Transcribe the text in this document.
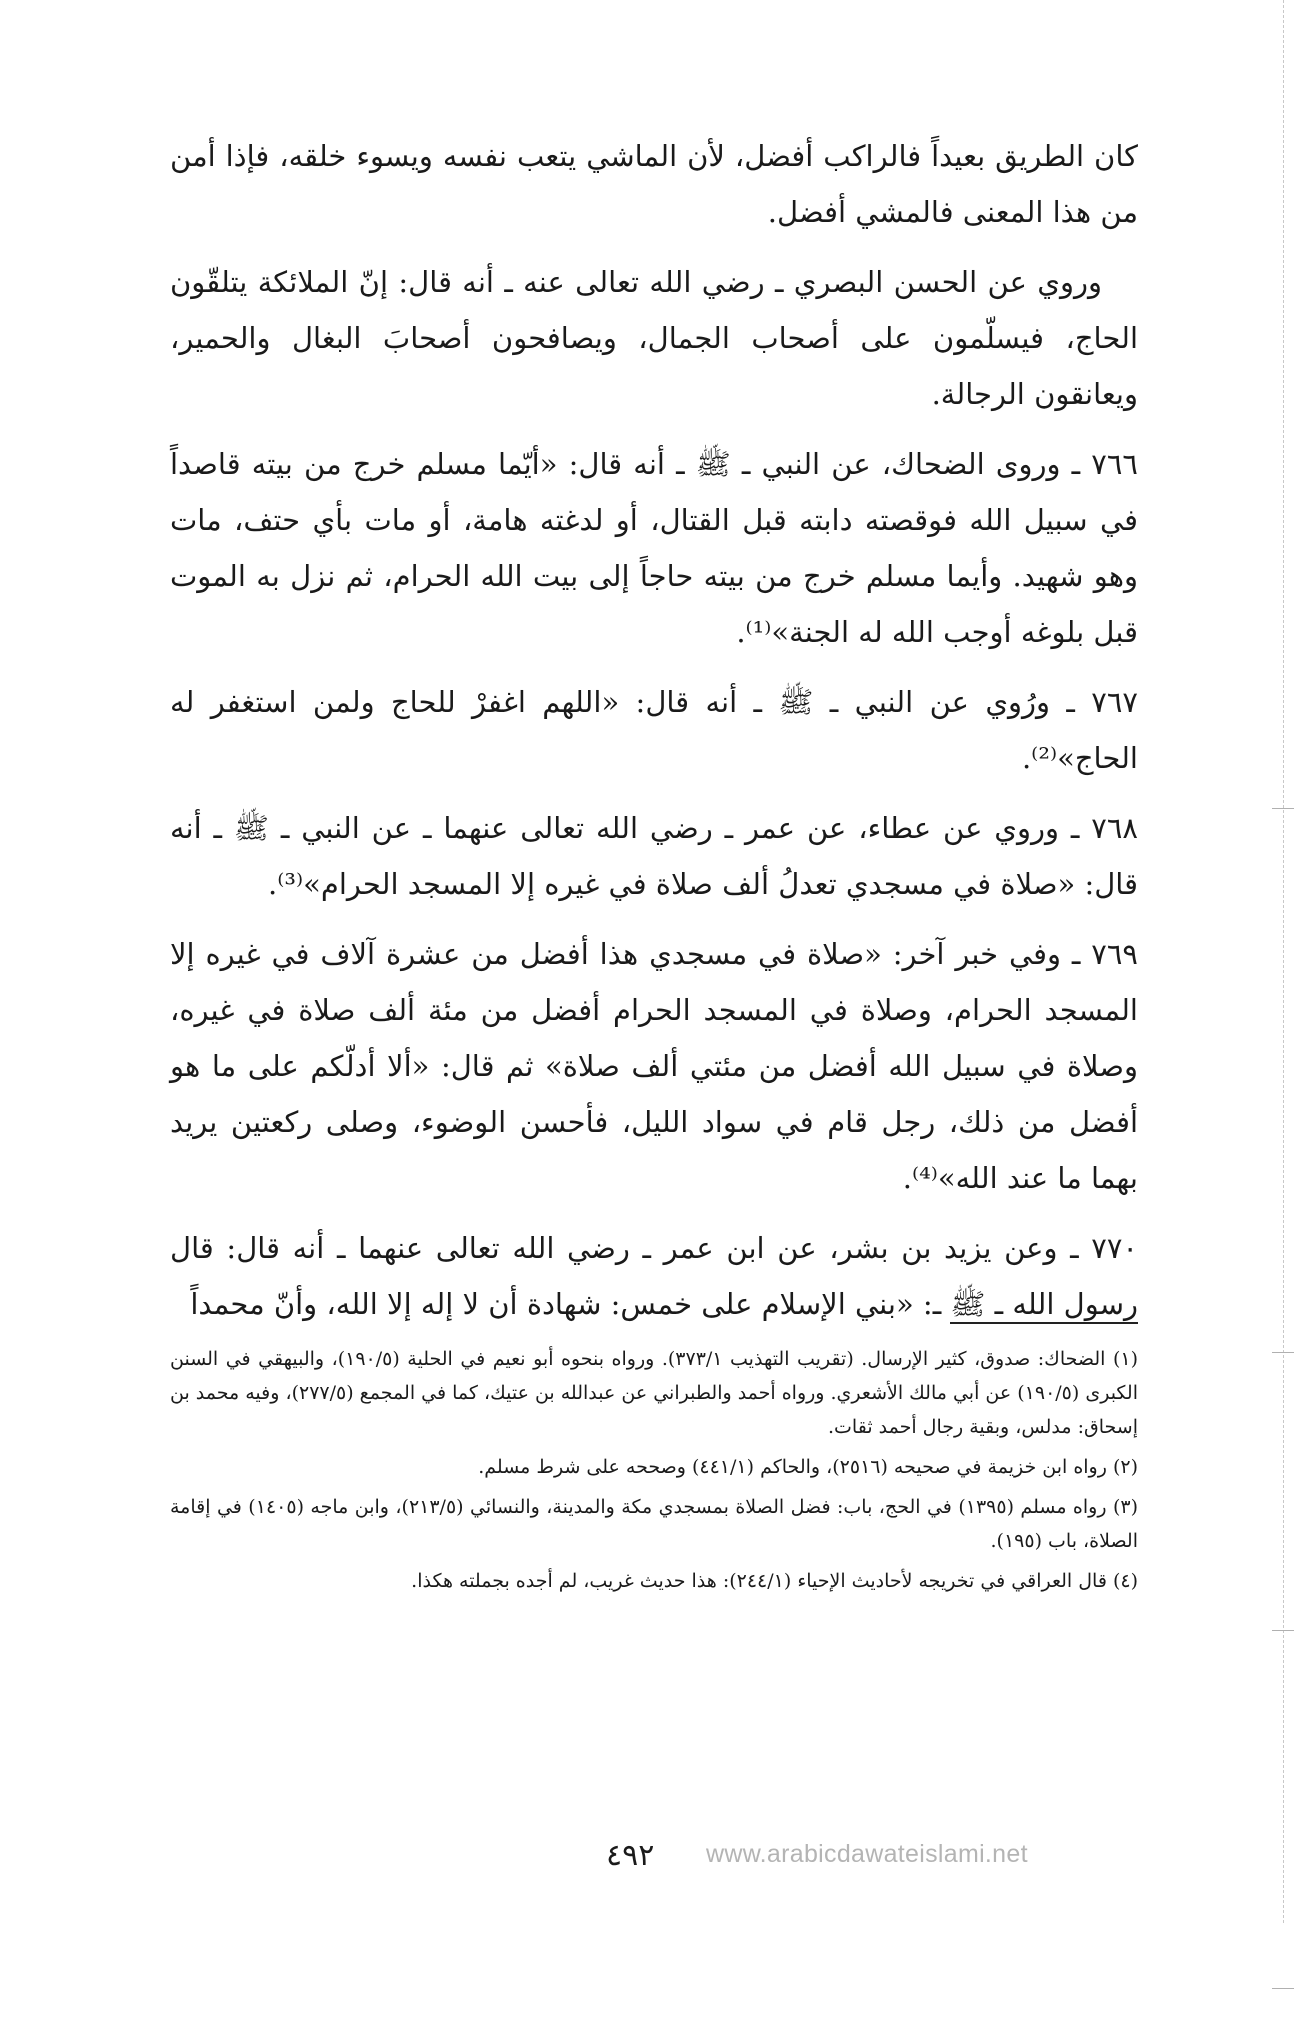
كان الطريق بعيداً فالراكب أفضل، لأن الماشي يتعب نفسه ويسوء خلقه، فإذا أمن من هذا المعنى فالمشي أفضل.

وروي عن الحسن البصري ـ رضي الله تعالى عنه ـ أنه قال: إنّ الملائكة يتلقّون الحاج، فيسلّمون على أصحاب الجمال، ويصافحون أصحابَ البغال والحمير، ويعانقون الرجالة.

٧٦٦ ـ وروى الضحاك، عن النبي ـ ﷺ ـ أنه قال: «أيّما مسلم خرج من بيته قاصداً في سبيل الله فوقصته دابته قبل القتال، أو لدغته هامة، أو مات بأي حتف، مات وهو شهيد. وأيما مسلم خرج من بيته حاجاً إلى بيت الله الحرام، ثم نزل به الموت قبل بلوغه أوجب الله له الجنة»⁽¹⁾.

٧٦٧ ـ ورُوي عن النبي ـ ﷺ ـ أنه قال: «اللهم اغفرْ للحاج ولمن استغفر له الحاج»⁽²⁾.

٧٦٨ ـ وروي عن عطاء، عن عمر ـ رضي الله تعالى عنهما ـ عن النبي ـ ﷺ ـ أنه قال: «صلاة في مسجدي تعدلُ ألف صلاة في غيره إلا المسجد الحرام»⁽³⁾.

٧٦٩ ـ وفي خبر آخر: «صلاة في مسجدي هذا أفضل من عشرة آلاف في غيره إلا المسجد الحرام، وصلاة في المسجد الحرام أفضل من مئة ألف صلاة في غيره، وصلاة في سبيل الله أفضل من مئتي ألف صلاة» ثم قال: «ألا أدلّكم على ما هو أفضل من ذلك، رجل قام في سواد الليل، فأحسن الوضوء، وصلى ركعتين يريد بهما ما عند الله»⁽⁴⁾.

٧٧٠ ـ وعن يزيد بن بشر، عن ابن عمر ـ رضي الله تعالى عنهما ـ أنه قال: قال رسول الله ـ ﷺ ـ: «بني الإسلام على خمس: شهادة أن لا إله إلا الله، وأنّ محمداً

(١) الضحاك: صدوق، كثير الإرسال. (تقريب التهذيب ٣٧٣/١). ورواه بنحوه أبو نعيم في الحلية (١٩٠/٥)، والبيهقي في السنن الكبرى (١٩٠/٥) عن أبي مالك الأشعري. ورواه أحمد والطبراني عن عبدالله بن عتيك، كما في المجمع (٢٧٧/٥)، وفيه محمد بن إسحاق: مدلس، وبقية رجال أحمد ثقات.

(٢) رواه ابن خزيمة في صحيحه (٢٥١٦)، والحاكم (٤٤١/١) وصححه على شرط مسلم.

(٣) رواه مسلم (١٣٩٥) في الحج، باب: فضل الصلاة بمسجدي مكة والمدينة، والنسائي (٢١٣/٥)، وابن ماجه (١٤٠٥) في إقامة الصلاة، باب (١٩٥).

(٤) قال العراقي في تخريجه لأحاديث الإحياء (٢٤٤/١): هذا حديث غريب، لم أجده بجملته هكذا.

٤٩٢ www.arabicdawateislami.net
